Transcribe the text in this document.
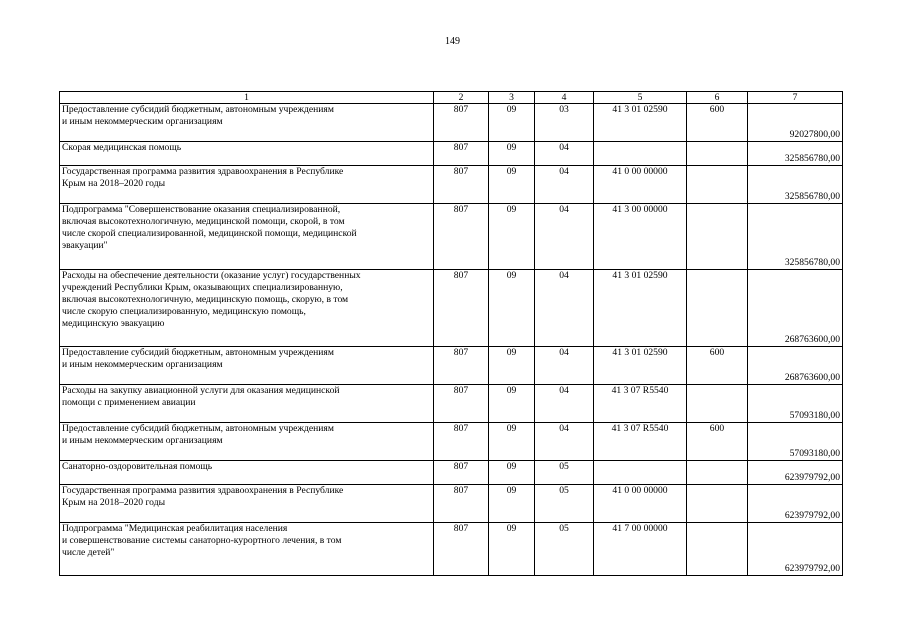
149
1	2	3	4	5	6	7
Предоставление субсидий бюджетным, автономным учреждениям
и иным некоммерческим организациям	807	09	03	41 3 01 02590	600	92027800,00
Скорая медицинская помощь	807	09	04			325856780,00
Государственная программа развития здравоохранения в Республике
Крым на 2018–2020 годы	807	09	04	41 0 00 00000		325856780,00
Подпрограмма "Совершенствование оказания специализированной,
включая высокотехнологичную, медицинской помощи, скорой, в том
числе скорой специализированной, медицинской помощи, медицинской
эвакуации"	807	09	04	41 3 00 00000		325856780,00
Расходы на обеспечение деятельности (оказание услуг) государственных
учреждений Республики Крым, оказывающих специализированную,
включая высокотехнологичную, медицинскую помощь, скорую, в том
числе скорую специализированную, медицинскую помощь,
медицинскую эвакуацию	807	09	04	41 3 01 02590		268763600,00
Предоставление субсидий бюджетным, автономным учреждениям
и иным некоммерческим организациям	807	09	04	41 3 01 02590	600	268763600,00
Расходы на закупку авиационной услуги для оказания медицинской
помощи с применением авиации	807	09	04	41 3 07 R5540		57093180,00
Предоставление субсидий бюджетным, автономным учреждениям
и иным некоммерческим организациям	807	09	04	41 3 07 R5540	600	57093180,00
Санаторно-оздоровительная помощь	807	09	05			623979792,00
Государственная программа развития здравоохранения в Республике
Крым на 2018–2020 годы	807	09	05	41 0 00 00000		623979792,00
Подпрограмма "Медицинская реабилитация населения
и совершенствование системы санаторно-курортного лечения, в том
числе детей"	807	09	05	41 7 00 00000		623979792,00
